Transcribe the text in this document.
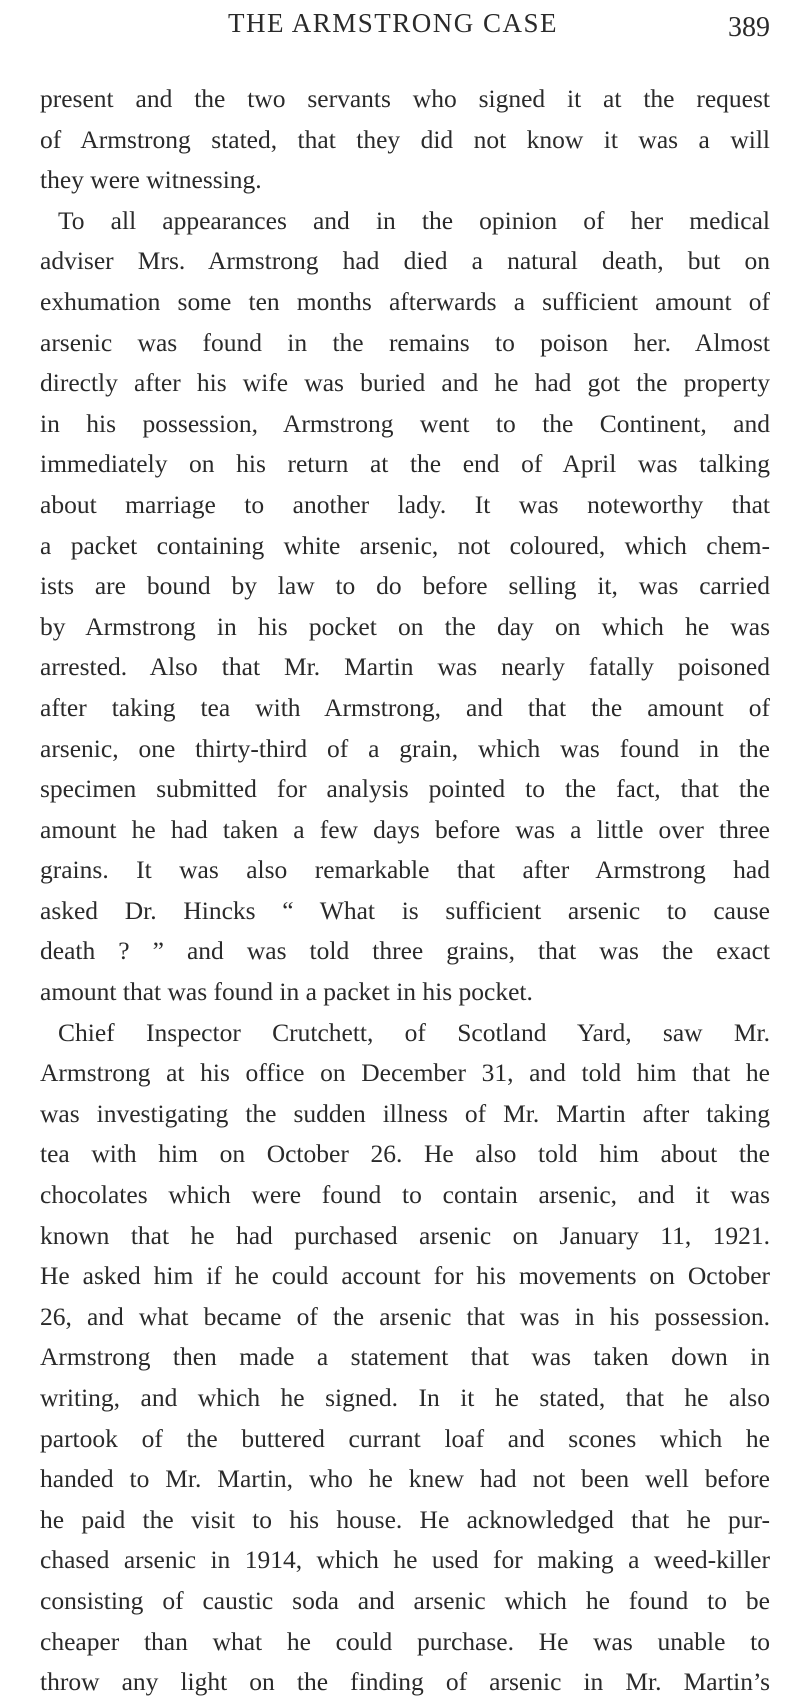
THE ARMSTRONG CASE	389
present and the two servants who signed it at the request
of Armstrong stated, that they did not know it was a will
they were witnessing.
To all appearances and in the opinion of her medical
adviser Mrs. Armstrong had died a natural death, but on
exhumation some ten months afterwards a sufficient amount of
arsenic was found in the remains to poison her. Almost
directly after his wife was buried and he had got the property
in his possession, Armstrong went to the Continent, and
immediately on his return at the end of April was talking
about marriage to another lady. It was noteworthy that
a packet containing white arsenic, not coloured, which chem-
ists are bound by law to do before selling it, was carried
by Armstrong in his pocket on the day on which he was
arrested. Also that Mr. Martin was nearly fatally poisoned
after taking tea with Armstrong, and that the amount of
arsenic, one thirty-third of a grain, which was found in the
specimen submitted for analysis pointed to the fact, that the
amount he had taken a few days before was a little over three
grains. It was also remarkable that after Armstrong had
asked Dr. Hincks “ What is sufficient arsenic to cause
death ? ” and was told three grains, that was the exact
amount that was found in a packet in his pocket.
Chief Inspector Crutchett, of Scotland Yard, saw Mr.
Armstrong at his office on December 31, and told him that he
was investigating the sudden illness of Mr. Martin after taking
tea with him on October 26. He also told him about the
chocolates which were found to contain arsenic, and it was
known that he had purchased arsenic on January 11, 1921.
He asked him if he could account for his movements on October
26, and what became of the arsenic that was in his possession.
Armstrong then made a statement that was taken down in
writing, and which he signed. In it he stated, that he also
partook of the buttered currant loaf and scones which he
handed to Mr. Martin, who he knew had not been well before
he paid the visit to his house. He acknowledged that he pur-
chased arsenic in 1914, which he used for making a weed-killer
consisting of caustic soda and arsenic which he found to be
cheaper than what he could purchase. He was unable to
throw any light on the finding of arsenic in Mr. Martin’s
